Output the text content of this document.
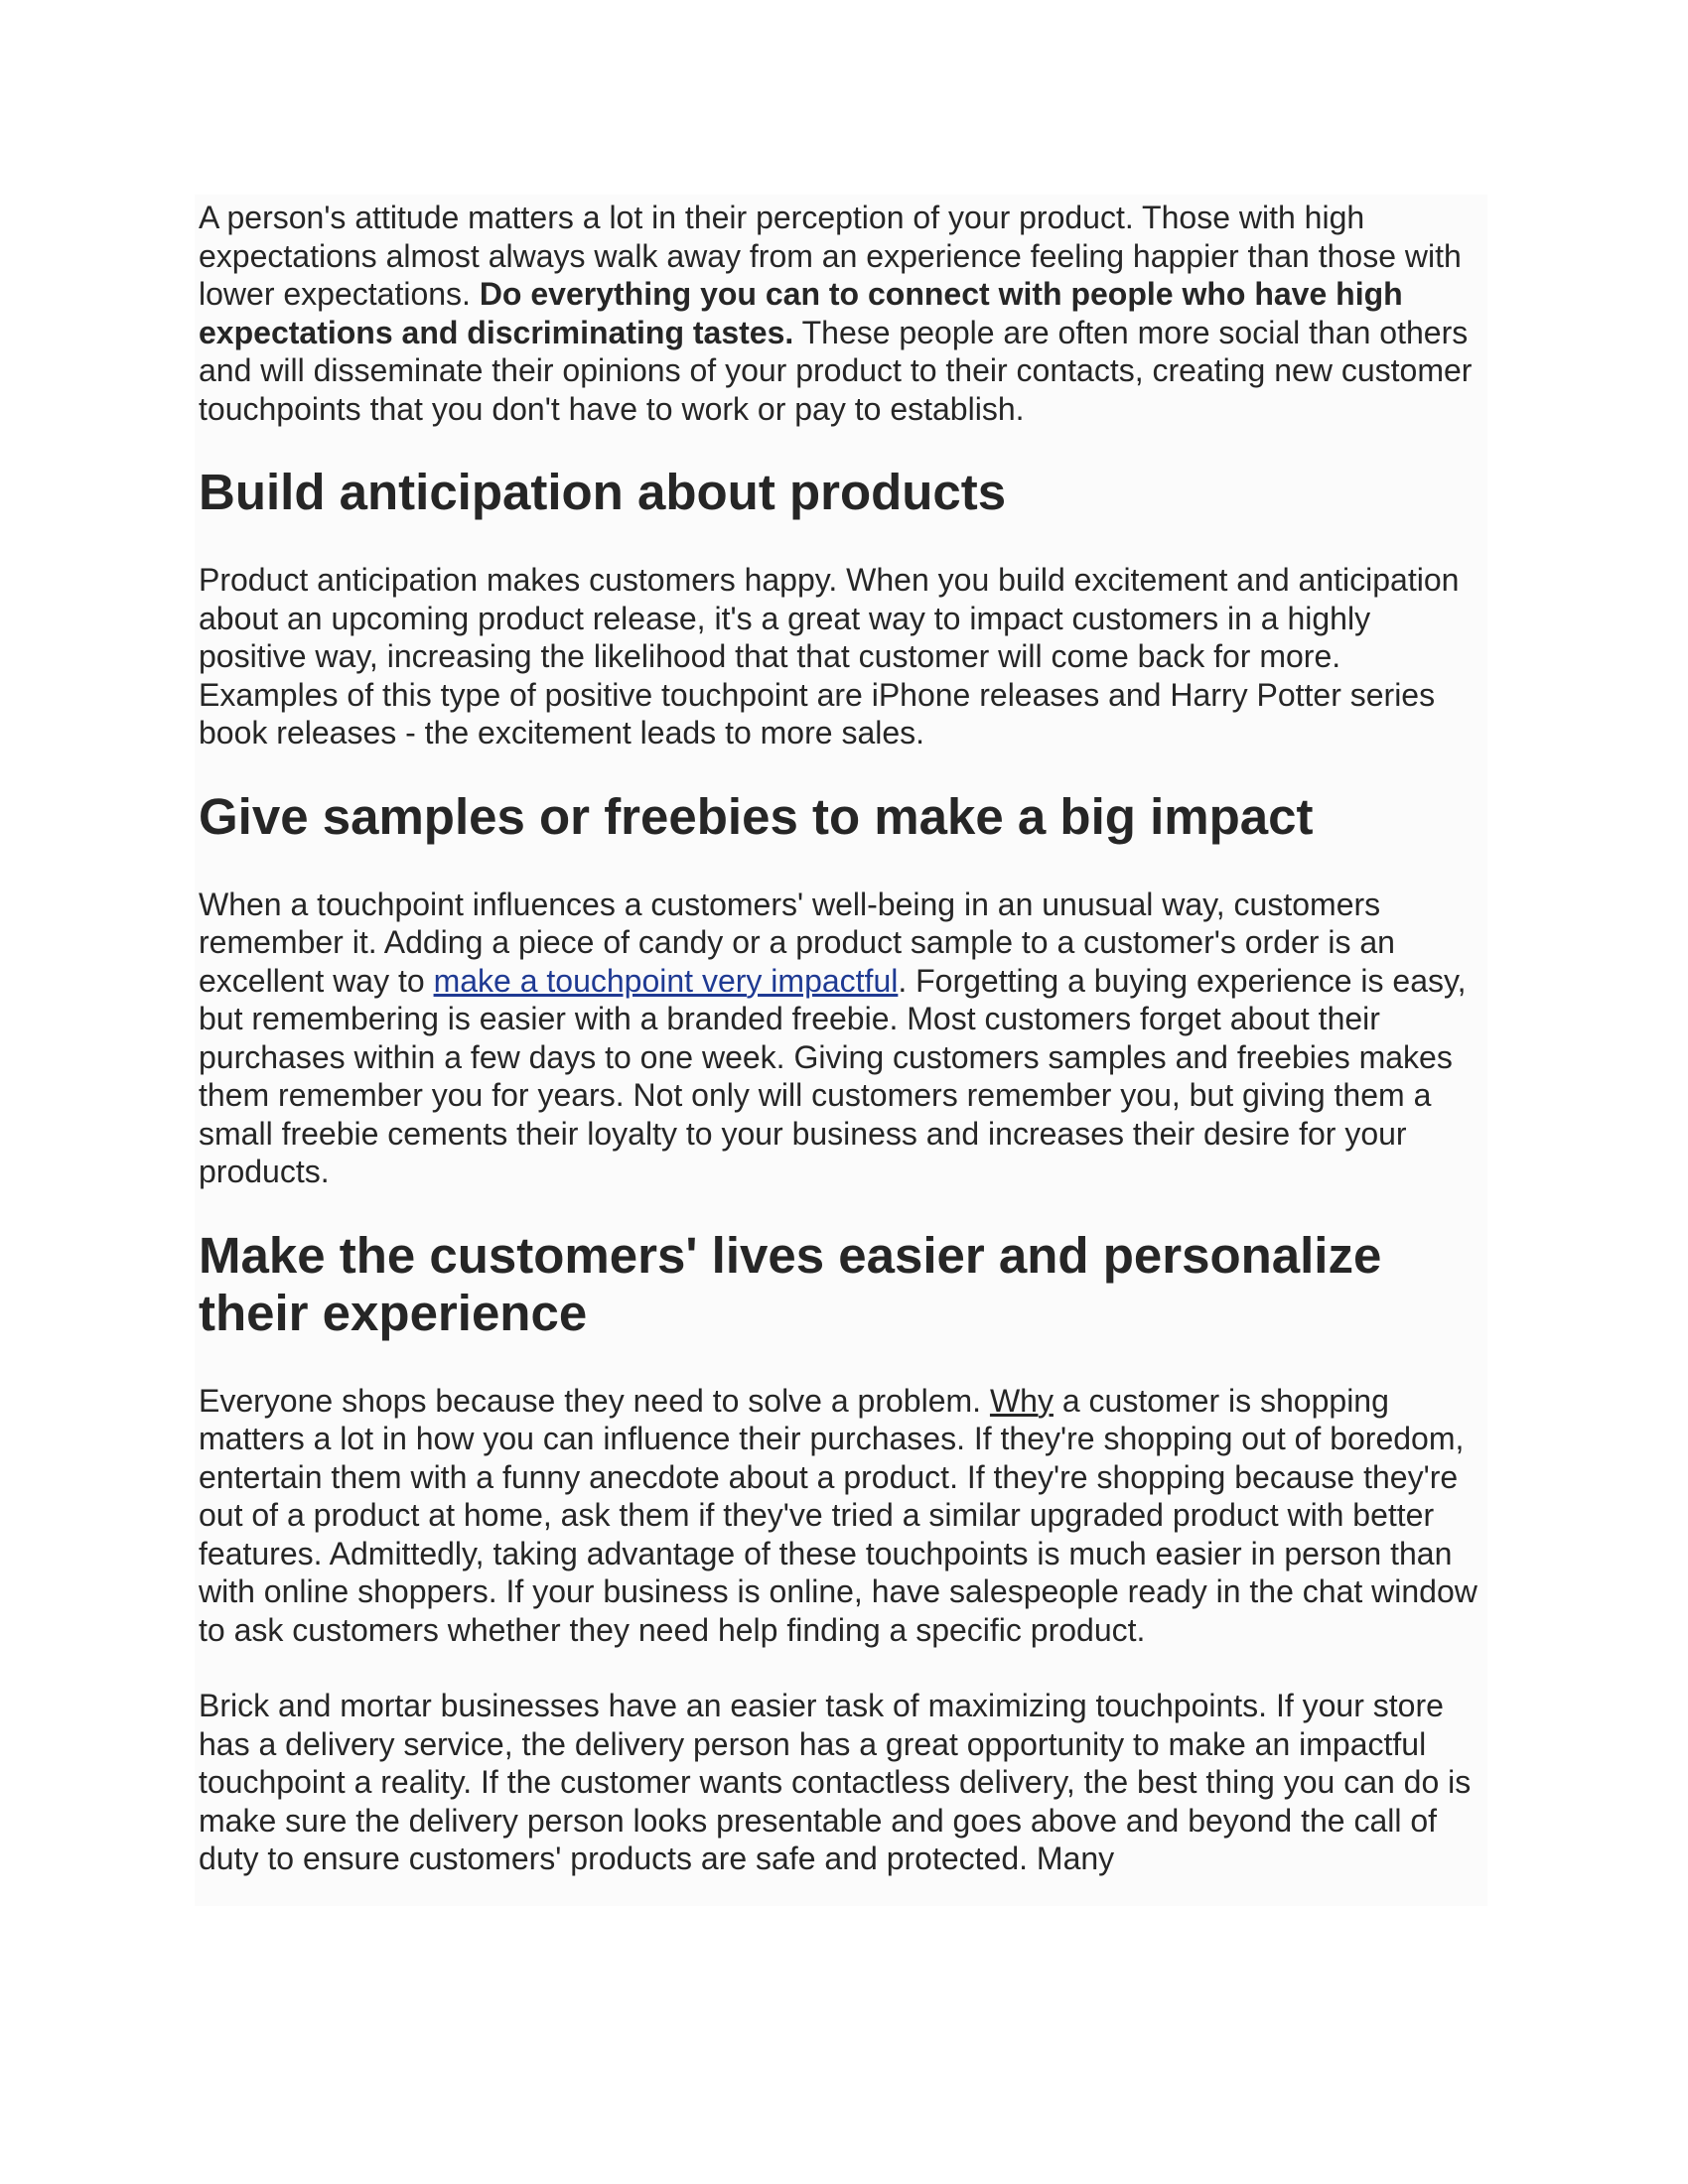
A person's attitude matters a lot in their perception of your product. Those with high expectations almost always walk away from an experience feeling happier than those with lower expectations. Do everything you can to connect with people who have high expectations and discriminating tastes. These people are often more social than others and will disseminate their opinions of your product to their contacts, creating new customer touchpoints that you don't have to work or pay to establish.

Build anticipation about products

Product anticipation makes customers happy. When you build excitement and anticipation about an upcoming product release, it's a great way to impact customers in a highly positive way, increasing the likelihood that that customer will come back for more. Examples of this type of positive touchpoint are iPhone releases and Harry Potter series book releases - the excitement leads to more sales.

Give samples or freebies to make a big impact

When a touchpoint influences a customers' well-being in an unusual way, customers remember it. Adding a piece of candy or a product sample to a customer's order is an excellent way to make a touchpoint very impactful. Forgetting a buying experience is easy, but remembering is easier with a branded freebie. Most customers forget about their purchases within a few days to one week. Giving customers samples and freebies makes them remember you for years. Not only will customers remember you, but giving them a small freebie cements their loyalty to your business and increases their desire for your products.

Make the customers' lives easier and personalize their experience

Everyone shops because they need to solve a problem. Why a customer is shopping matters a lot in how you can influence their purchases. If they're shopping out of boredom, entertain them with a funny anecdote about a product. If they're shopping because they're out of a product at home, ask them if they've tried a similar upgraded product with better features. Admittedly, taking advantage of these touchpoints is much easier in person than with online shoppers. If your business is online, have salespeople ready in the chat window to ask customers whether they need help finding a specific product.

Brick and mortar businesses have an easier task of maximizing touchpoints. If your store has a delivery service, the delivery person has a great opportunity to make an impactful touchpoint a reality. If the customer wants contactless delivery, the best thing you can do is make sure the delivery person looks presentable and goes above and beyond the call of duty to ensure customers' products are safe and protected. Many
